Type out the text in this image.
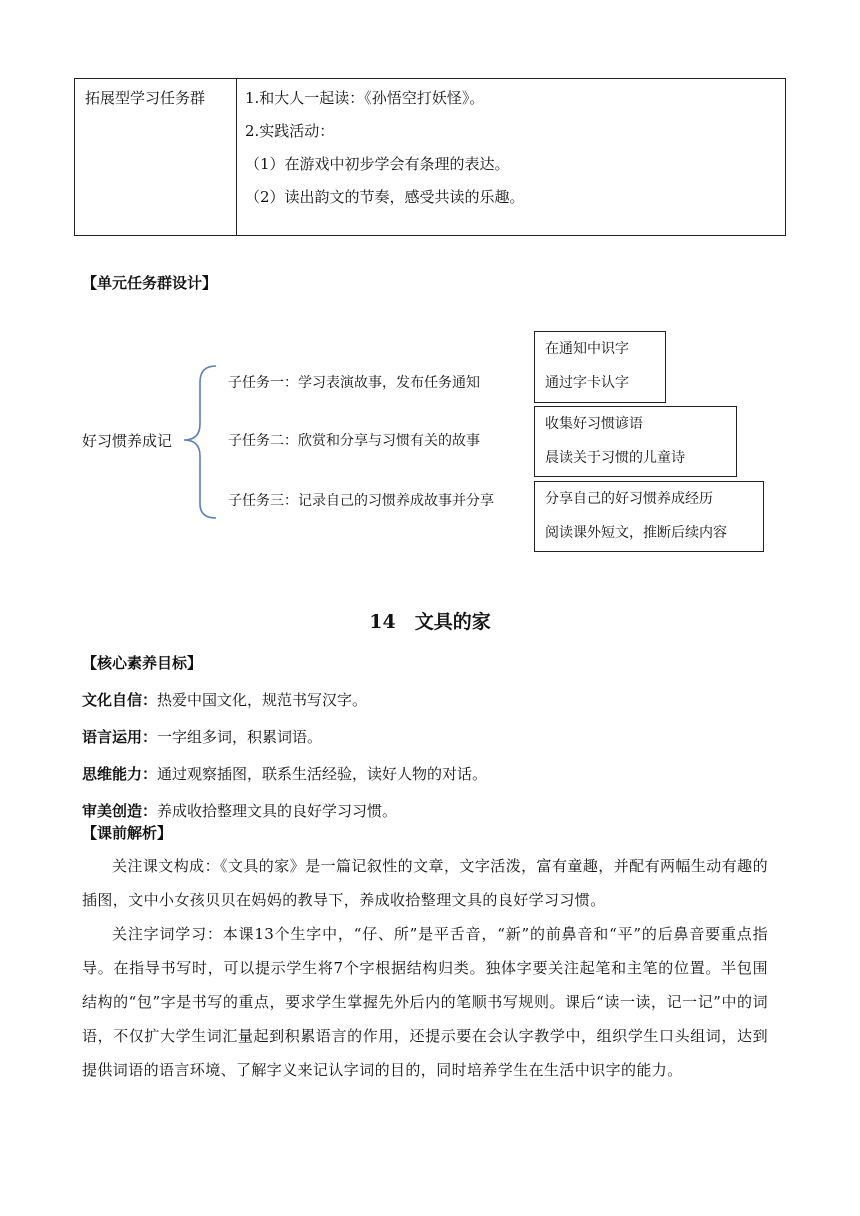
拓展型学习任务群	1.和大人一起读：《孙悟空打妖怪》。
2.实践活动：
（1）在游戏中初步学会有条理的表达。
（2）读出韵文的节奏，感受共读的乐趣。
【单元任务群设计】
好习惯养成记
子任务一：学习表演故事，发布任务通知
子任务二：欣赏和分享与习惯有关的故事
子任务三：记录自己的习惯养成故事并分享
在通知中识字
通过字卡认字
收集好习惯谚语
晨读关于习惯的儿童诗
分享自己的好习惯养成经历
阅读课外短文，推断后续内容
14　文具的家
【核心素养目标】
文化自信：热爱中国文化，规范书写汉字。
语言运用：一字组多词，积累词语。
思维能力：通过观察插图，联系生活经验，读好人物的对话。
审美创造：养成收拾整理文具的良好学习习惯。
【课前解析】
关注课文构成：《文具的家》是一篇记叙性的文章，文字活泼，富有童趣，并配有两幅生动有趣的插图，文中小女孩贝贝在妈妈的教导下，养成收拾整理文具的良好学习习惯。
关注字词学习：本课13个生字中，“仔、所”是平舌音，“新”的前鼻音和“平”的后鼻音要重点指导。在指导书写时，可以提示学生将7个字根据结构归类。独体字要关注起笔和主笔的位置。半包围结构的“包”字是书写的重点，要求学生掌握先外后内的笔顺书写规则。课后“读一读，记一记”中的词语，不仅扩大学生词汇量起到积累语言的作用，还提示要在会认字教学中，组织学生口头组词，达到提供词语的语言环境、了解字义来记认字词的目的，同时培养学生在生活中识字的能力。
